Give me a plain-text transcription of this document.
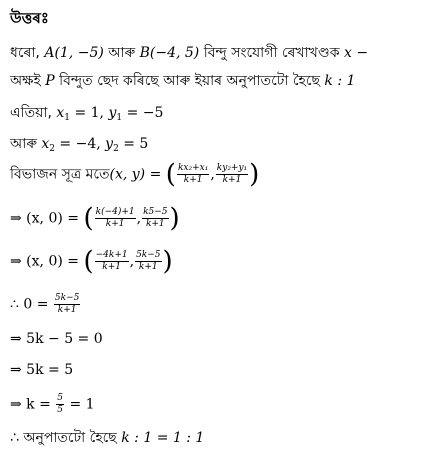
উত্তৰঃ
ধৰো, A(1, −5) আৰু B(−4, 5) বিন্দু সংযোগী ৰেখাখণ্ডক x −
অক্ষই P বিন্দুত ছেদ কৰিছে আৰু ইয়াৰ অনুপাতটো হৈছে k : 1
এতিয়া, $x_1 = 1$, $y_1 = -5$
আৰু $x_2 = -4$, $y_2 = 5$
বিভাজন সূত্ৰ মতে(x, y) = ( $\frac{\text{kx₂+x₁}}{k+1}$ , $\frac{\text{ky₂+y₁}}{k+1}$ )
⇒ (x, 0) = ( $\frac{k(-4)+1}{k+1}$ , $\frac{k5-5}{k+1}$ )
⇒ (x, 0) = ( $\frac{-4k+1}{k+1}$ , $\frac{5k-5}{k+1}$ )
∴ $0 = \frac{5k-5}{k+1}$
⇒ 5k − 5 = 0
⇒ 5k = 5
⇒ $k = \frac{5}{5} = 1$
∴ অনুপাতটো হৈছে k : 1 = 1 : 1
